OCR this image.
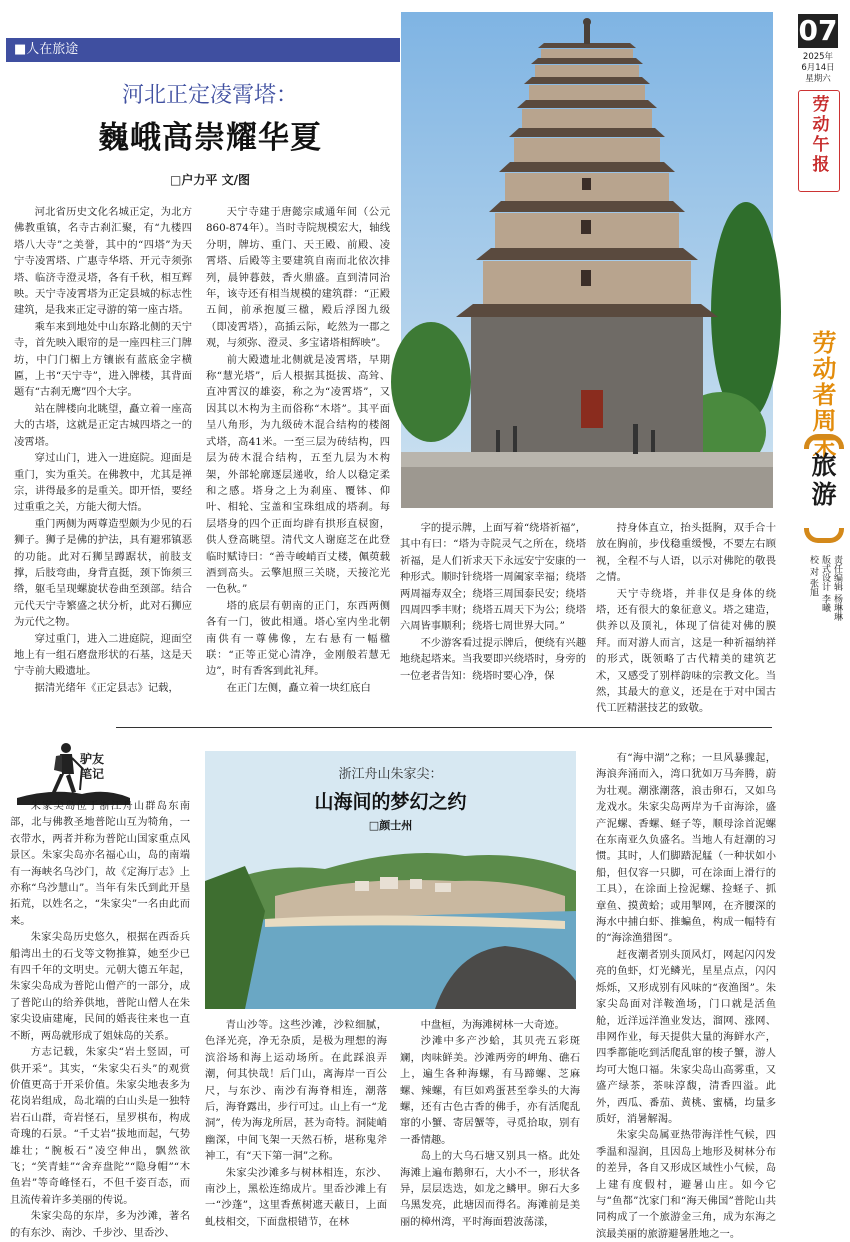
■人在旅途
河北正定凌霄塔：
巍峨高崇耀华夏
□户力平 文/图

河北省历史文化名城正定，为北方佛教重镇，名寺古刹汇聚，有“九楼四塔八大寺”之美誉，其中的“四塔”为天宁寺凌霄塔、广惠寺华塔、开元寺须弥塔、临济寺澄灵塔，各有千秋，相互辉映。天宁寺凌霄塔为正定县城的标志性建筑，是我来正定寻游的第一座古塔。

乘车来到地处中山东路北侧的天宁寺，首先映入眼帘的是一座四柱三门牌坊，中门门楣上方镶嵌有蓝底金字横匾，上书“天宁寺”，进入牌楼，其背面题有“古刹无鹰”四个大字。

站在牌楼向北眺望，矗立着一座高大的古塔，这就是正定古城四塔之一的凌霄塔。

穿过山门，进入一进庭院。迎面是重门，实为重关。在佛教中，尤其是禅宗，讲得最多的是重关。即开悟，要经过重重之关，方能大彻大悟。

重门两侧为两尊造型颇为少见的石狮子。狮子是佛的护法，具有避邪镇恶的功能。此对石狮呈蹲踞状，前肢支撑，后肢弯曲，身背直挺，颈下饰须三绺，躯毛呈现螺旋状卷曲至颈部。结合元代天宁寺繁盛之状分析，此对石狮应为元代之物。

穿过重门，进入二进庭院，迎面空地上有一组石磨盘形状的石基，这是天宁寺前大殿遗址。

据清光绪年《正定县志》记载，

天宁寺建于唐懿宗咸通年间（公元860-874年）。当时寺院规模宏大，轴线分明，牌坊、重门、天王殿、前殿、凌霄塔、后殿等主要建筑自南而北依次排列，晨钟暮鼓，香火鼎盛。直到清同治年，该寺还有相当规模的建筑群：“正殿五间，前承抱厦三楹，殿后浮图九级（即凌霄塔），高插云际，屹然为一郡之观，与须弥、澄灵、多宝诸塔相辉映”。

前大殿遗址北侧就是凌霄塔，早期称“慧光塔”，后人根据其挺拔、高耸、直冲霄汉的雄姿，称之为“凌霄塔”，又因其以木构为主而俗称“木塔”。其平面呈八角形，为九级砖木混合结构的楼阁式塔，高41米。一至三层为砖结构，四层为砖木混合结构，五至九层为木构架，外部轮廓逐层递收，给人以稳定柔和之感。塔身之上为刹座、覆钵、仰叶、相轮、宝盖和宝珠组成的塔刹。每层塔身的四个正面均辟有拱形直棂窗，供人登高眺望。清代文人谢庭芝在此登临时赋诗曰：“善寺峻峭百丈楼，佩萸载酒到高头。云擎旭照三关晓，天接沱光一色秋。”

塔的底层有朝南的正门，东西两侧各有一门，彼此相通。塔心室内坐北朝南供有一尊佛像，左右悬有一幅楹联：“正等正觉心清净，金刚般若慧无边”，时有香客到此礼拜。

在正门左侧，矗立着一块红底白

字的提示牌，上面写着“绕塔祈福”，其中有曰：“塔为寺院灵气之所在，绕塔祈福，是人们祈求天下永远安宁安康的一种形式。顺时针绕塔一周阖家幸福；绕塔两周福寿双全；绕塔三周国泰民安；绕塔四周四季丰财；绕塔五周天下为公；绕塔六周皆事顺利；绕塔七周世界大同。”

不少游客看过提示牌后，便绕有兴趣地绕起塔来。当我要即兴绕塔时，身旁的一位老者告知：绕塔时要心净，保

持身体直立，抬头挺胸，双手合十放在胸前，步伐稳重缓慢，不要左右顾视，全程不与人语，以示对佛陀的敬畏之情。

天宁寺绕塔，并非仅是身体的绕塔，还有很大的象征意义。塔之建造，供养以及顶礼，体现了信徒对佛的膜拜。而对游人而言，这是一种祈福纳祥的形式，既领略了古代精美的建筑艺术，又感受了别样韵味的宗教文化。当然，其最大的意义，还是在于对中国古代工匠精湛技艺的致敬。

07
2025年
6月14日
星期六
劳动午报
劳动者周末
旅游
责任编辑 杨琳琳
版式设计 李曦
校 对 张旭
驴友
笔记	浙江舟山朱家尖：
山海间的梦幻之约
□颜士州

朱家尖岛位于浙江舟山群岛东南部，北与佛教圣地普陀山互为犄角，一衣带水，两者并称为普陀山国家重点风景区。朱家尖岛亦名福心山，岛的南端有一海峡名乌沙门，故《定海厅志》上亦称“乌沙慧山”。当年有朱氏到此开垦拓荒，以姓名之，“朱家尖”一名由此而来。

朱家尖岛历史悠久，根据在西岙兵船湾出土的石戈等文物推算，她至少已有四千年的文明史。元朝大德五年起，朱家尖岛成为普陀山僧产的一部分，成了普陀山的给养供地，普陀山僧人在朱家尖设庙建庵，民间的婚丧往来也一直不断，两岛就形成了姐妹岛的关系。

方志记载，朱家尖“岩土竖固，可供开采”。其实，“朱家尖石头”的观赏价值更高于开采价值。朱家尖地表多为花岗岩组成，岛北端的白山头是一独特岩石山群，奇岩怪石，星罗棋布，构成奇瑰的石景。“千丈岩”拔地而起，气势雄壮；“腕板石”凌空伸出，飘然欲飞；“笑青蛙”“舍弃盘陀”“隐身帽”“木鱼岩”等奇峰怪石，不但千姿百态，而且流传着许多美丽的传说。

朱家尖岛的东岸，多为沙滩，著名的有东沙、南沙、千步沙、里岙沙、

青山沙等。这些沙滩，沙粒细腻，色泽光亮，净无杂质，是极为理想的海滨浴场和海上运动场所。在此踩浪弄潮，何其快哉！后门山，离海岸一百公尺，与东沙、南沙有海脊相连，潮落后，海脊露出，步行可过。山上有一“龙洞”，传为海龙所居，甚为奇特。洞陡峭幽深，中间飞架一天然石桥，堪称鬼斧神工，有“天下第一洞”之称。

朱家尖沙滩多与树林相连，东沙、南沙上，黑松连绵成片。里岙沙滩上有一“沙蓬”，这里香蕉树遮天蔽日，上面虬枝相交，下面盘根错节，在林

中盘桓，为海滩树林一大奇迹。

沙滩中多产沙蛤，其贝壳五彩斑斓，肉味鲜美。沙滩两旁的岬角、礁石上，遍生各种海螺，有马蹄螺、芝麻螺、辣螺，有巨如鸡蛋甚至拳头的大海螺，还有古色古香的佛手，亦有活爬乱窜的小蟹、寄居蟹等，寻觅拾取，别有一番情趣。

岛上的大乌石塘又别具一格。此处海滩上遍布鹅卵石，大小不一，形状各异，层层迭迭，如龙之鳞甲。卵石大多乌黑发亮，此塘因而得名。海滩前是美丽的樟州湾，平时海面碧波荡漾，

有“海中湖”之称；一旦风暴骤起，海浪奔涌而入，湾口犹如万马奔腾，蔚为壮观。潮涨潮落，浪击卵石，又如乌龙戏水。朱家尖岛两岸为千亩海涂，盛产泥螺、香螺、蛏子等，顺母涂首泥螺在东南亚久负盛名。当地人有赶潮的习惯。其时，人们脚踏泥艋（一种状如小船，但仅容一只脚，可在涂面上滑行的工具），在涂面上捡泥螺、捡蛏子、抓章鱼、摸黄蛤；或用掣网，在齐腰深的海水中捕白虾、推蝙鱼，构成一幅特有的“海涂渔猎图”。

赶夜潮者别头顶风灯，网起闪闪发亮的鱼虾，灯光鳞光，星星点点，闪闪烁烁，又形成别有风味的“夜渔图”。朱家尖岛面对洋鞍渔场，门口就是活鱼舱，近洋远洋渔业发达，溜网、涨网、串网作业，每天提供大量的海鲜水产，四季都能吃到活爬乱窜的梭子蟹，游人均可大饱口福。朱家尖岛山高雾重，又盛产绿茶，茶味淳馥，清香四溢。此外，西瓜、番茄、黄桃、蜜橘，均量多质好，消暑解渴。

朱家尖岛属亚热带海洋性气候，四季温和湿润，且因岛上地形及树林分布的差异，各自又形成区域性小气候，岛上建有度假村，避暑山庄。如今它与“鱼都”沈家门和“海天佛国”普陀山共同构成了一个旅游金三角，成为东海之滨最美丽的旅游避暑胜地之一。
